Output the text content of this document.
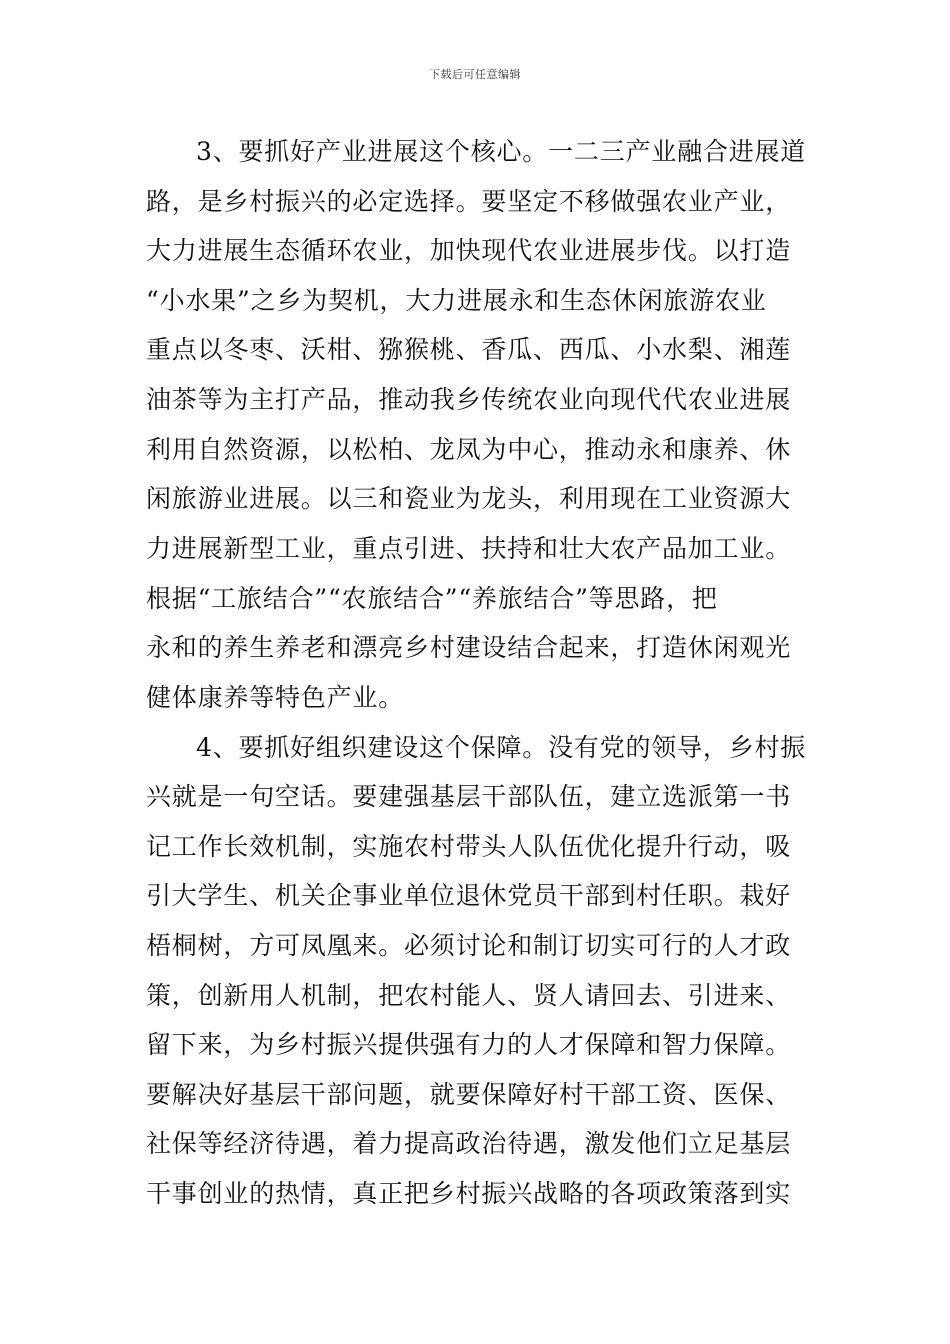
下载后可任意编辑
3、要抓好产业进展这个核心。一二三产业融合进展道
路，是乡村振兴的必定选择。要坚定不移做强农业产业，
大力进展生态循环农业，加快现代农业进展步伐。以打造
“小水果”之乡为契机，大力进展永和生态休闲旅游农业
重点以冬枣、沃柑、猕猴桃、香瓜、西瓜、小水梨、湘莲
油茶等为主打产品，推动我乡传统农业向现代代农业进展
利用自然资源，以松柏、龙凤为中心，推动永和康养、休
闲旅游业进展。以三和瓷业为龙头，利用现在工业资源大
力进展新型工业，重点引进、扶持和壮大农产品加工业。
根据“工旅结合”“农旅结合”“养旅结合”等思路，把
永和的养生养老和漂亮乡村建设结合起来，打造休闲观光
健体康养等特色产业。
4、要抓好组织建设这个保障。没有党的领导，乡村振
兴就是一句空话。要建强基层干部队伍，建立选派第一书
记工作长效机制，实施农村带头人队伍优化提升行动，吸
引大学生、机关企事业单位退休党员干部到村任职。栽好
梧桐树，方可凤凰来。必须讨论和制订切实可行的人才政
策，创新用人机制，把农村能人、贤人请回去、引进来、
留下来，为乡村振兴提供强有力的人才保障和智力保障。
要解决好基层干部问题，就要保障好村干部工资、医保、
社保等经济待遇，着力提高政治待遇，激发他们立足基层
干事创业的热情，真正把乡村振兴战略的各项政策落到实
